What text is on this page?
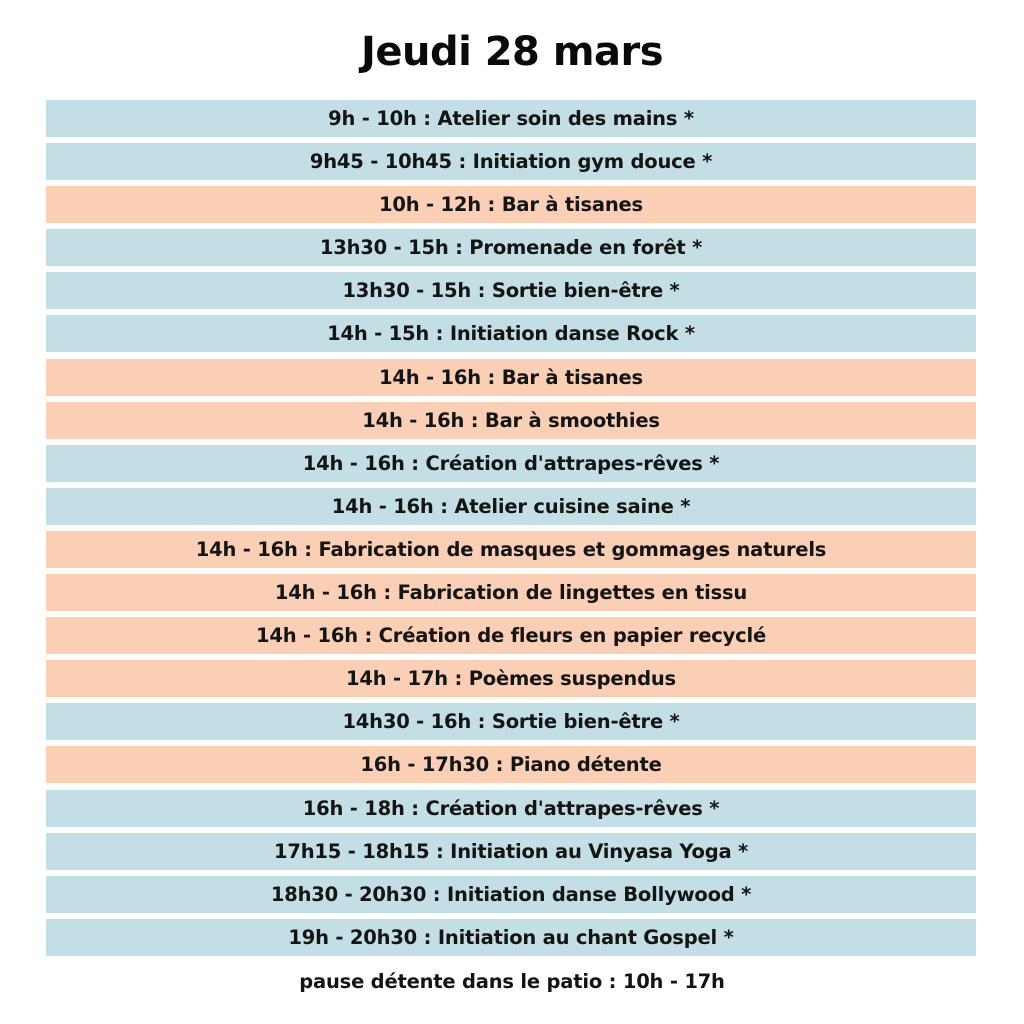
Jeudi 28 mars
9h - 10h : Atelier soin des mains *
9h45 - 10h45 : Initiation gym douce *
10h - 12h : Bar à tisanes
13h30 - 15h : Promenade en forêt *
13h30 - 15h : Sortie bien-être *
14h - 15h : Initiation danse Rock *
14h - 16h : Bar à tisanes
14h - 16h : Bar à smoothies
14h - 16h : Création d'attrapes-rêves *
14h - 16h : Atelier cuisine saine *
14h - 16h : Fabrication de masques et gommages naturels
14h - 16h : Fabrication de lingettes en tissu
14h - 16h : Création de fleurs en papier recyclé
14h - 17h : Poèmes suspendus
14h30 - 16h : Sortie bien-être *
16h - 17h30 : Piano détente
16h - 18h : Création d'attrapes-rêves *
17h15 - 18h15 : Initiation au Vinyasa Yoga *
18h30 - 20h30 : Initiation danse Bollywood *
19h - 20h30 : Initiation au chant Gospel *
pause détente dans le patio : 10h - 17h
